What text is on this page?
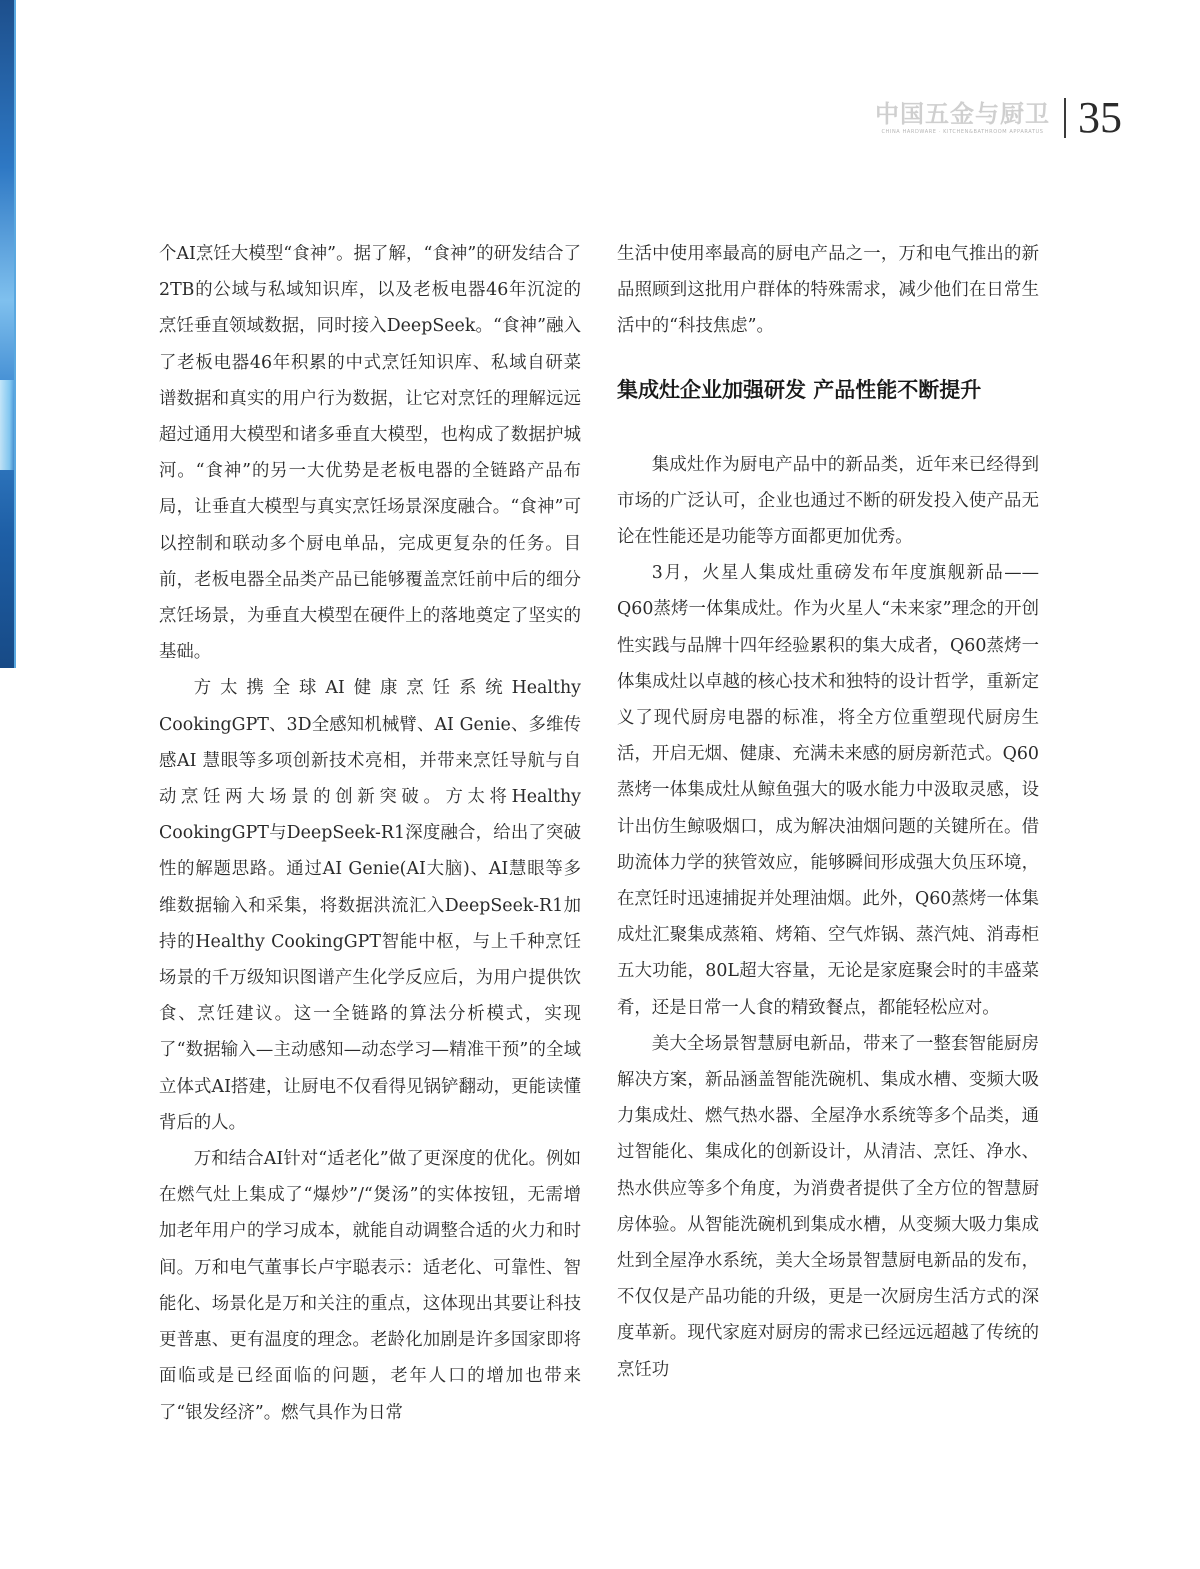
中国五金与厨卫
CHINA HARDWARE · KITCHEN&BATHROOM APPARATUS 35

个AI烹饪大模型“食神”。据了解，“食神”的研发结合了2TB的公域与私域知识库，以及老板电器46年沉淀的烹饪垂直领域数据，同时接入DeepSeek。“食神”融入了老板电器46年积累的中式烹饪知识库、私域自研菜谱数据和真实的用户行为数据，让它对烹饪的理解远远超过通用大模型和诸多垂直大模型，也构成了数据护城河。“食神”的另一大优势是老板电器的全链路产品布局，让垂直大模型与真实烹饪场景深度融合。“食神”可以控制和联动多个厨电单品，完成更复杂的任务。目前，老板电器全品类产品已能够覆盖烹饪前中后的细分烹饪场景，为垂直大模型在硬件上的落地奠定了坚实的基础。

方太携全球AI健康烹饪系统Healthy CookingGPT、3D全感知机械臂、AI Genie、多维传感AI 慧眼等多项创新技术亮相，并带来烹饪导航与自动烹饪两大场景的创新突破。方太将Healthy CookingGPT与DeepSeek-R1深度融合，给出了突破性的解题思路。通过AI Genie(AI大脑)、AI慧眼等多维数据输入和采集，将数据洪流汇入DeepSeek-R1加持的Healthy CookingGPT智能中枢，与上千种烹饪场景的千万级知识图谱产生化学反应后，为用户提供饮食、烹饪建议。这一全链路的算法分析模式，实现了“数据输入—主动感知—动态学习—精准干预”的全域立体式AI搭建，让厨电不仅看得见锅铲翻动，更能读懂背后的人。

万和结合AI针对“适老化”做了更深度的优化。例如在燃气灶上集成了“爆炒”/“煲汤”的实体按钮，无需增加老年用户的学习成本，就能自动调整合适的火力和时间。万和电气董事长卢宇聪表示：适老化、可靠性、智能化、场景化是万和关注的重点，这体现出其要让科技更普惠、更有温度的理念。老龄化加剧是许多国家即将面临或是已经面临的问题，老年人口的增加也带来了“银发经济”。燃气具作为日常

生活中使用率最高的厨电产品之一，万和电气推出的新品照顾到这批用户群体的特殊需求，减少他们在日常生活中的“科技焦虑”。

集成灶企业加强研发 产品性能不断提升

集成灶作为厨电产品中的新品类，近年来已经得到市场的广泛认可，企业也通过不断的研发投入使产品无论在性能还是功能等方面都更加优秀。

3月，火星人集成灶重磅发布年度旗舰新品——Q60蒸烤一体集成灶。作为火星人“未来家”理念的开创性实践与品牌十四年经验累积的集大成者，Q60蒸烤一体集成灶以卓越的核心技术和独特的设计哲学，重新定义了现代厨房电器的标准，将全方位重塑现代厨房生活，开启无烟、健康、充满未来感的厨房新范式。Q60蒸烤一体集成灶从鲸鱼强大的吸水能力中汲取灵感，设计出仿生鲸吸烟口，成为解决油烟问题的关键所在。借助流体力学的狭管效应，能够瞬间形成强大负压环境，在烹饪时迅速捕捉并处理油烟。此外，Q60蒸烤一体集成灶汇聚集成蒸箱、烤箱、空气炸锅、蒸汽炖、消毒柜五大功能，80L超大容量，无论是家庭聚会时的丰盛菜肴，还是日常一人食的精致餐点，都能轻松应对。

美大全场景智慧厨电新品，带来了一整套智能厨房解决方案，新品涵盖智能洗碗机、集成水槽、变频大吸力集成灶、燃气热水器、全屋净水系统等多个品类，通过智能化、集成化的创新设计，从清洁、烹饪、净水、热水供应等多个角度，为消费者提供了全方位的智慧厨房体验。从智能洗碗机到集成水槽，从变频大吸力集成灶到全屋净水系统，美大全场景智慧厨电新品的发布，不仅仅是产品功能的升级，更是一次厨房生活方式的深度革新。现代家庭对厨房的需求已经远远超越了传统的烹饪功
